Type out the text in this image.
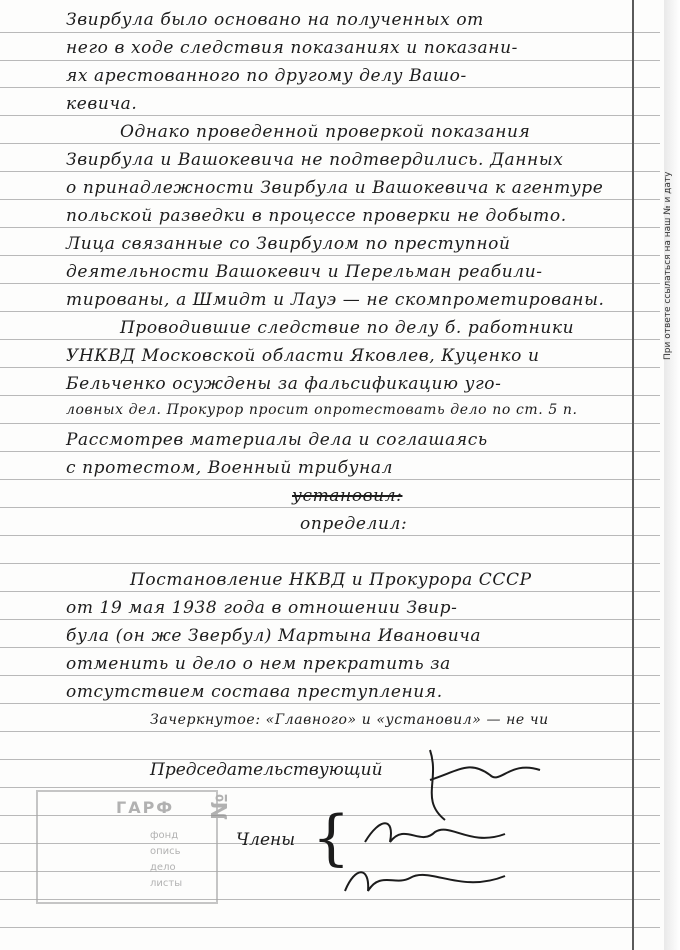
При ответе ссылаться на наш № и дату
Звирбула было основано на полученных от
него в ходе следствия показаниях и показани-
ях арестованного по другому делу Вашо-
кевича.
Однако проведенной проверкой показания
Звирбула и Вашокевича не подтвердились. Данных
о принадлежности Звирбула и Вашокевича к агентуре
польской разведки в процессе проверки не добыто.
Лица связанные со Звирбулом по преступной
деятельности Вашокевич и Перельман реабили-
тированы, а Шмидт и Лауэ — не скомпрометированы.
Проводившие следствие по делу б. работники
УНКВД Московской области Яковлев, Куценко и
Бельченко осуждены за фальсификацию уго-
ловных дел. Прокурор просит опротестовать дело по ст. 5 п.
Рассмотрев материалы дела и соглашаясь
с протестом, Военный трибунал
установил:
определил:
Постановление НКВД и Прокурора СССР
от 19 мая 1938 года в отношении Звир-
була (он же Звербул) Мартына Ивановича
отменить и дело о нем прекратить за
отсутствием состава преступления.
Зачеркнутое: «Главного» и «установил» — не чи
Председательствующий
{
Члены
ГАРФ
фонд
опись
дело
листы
№
